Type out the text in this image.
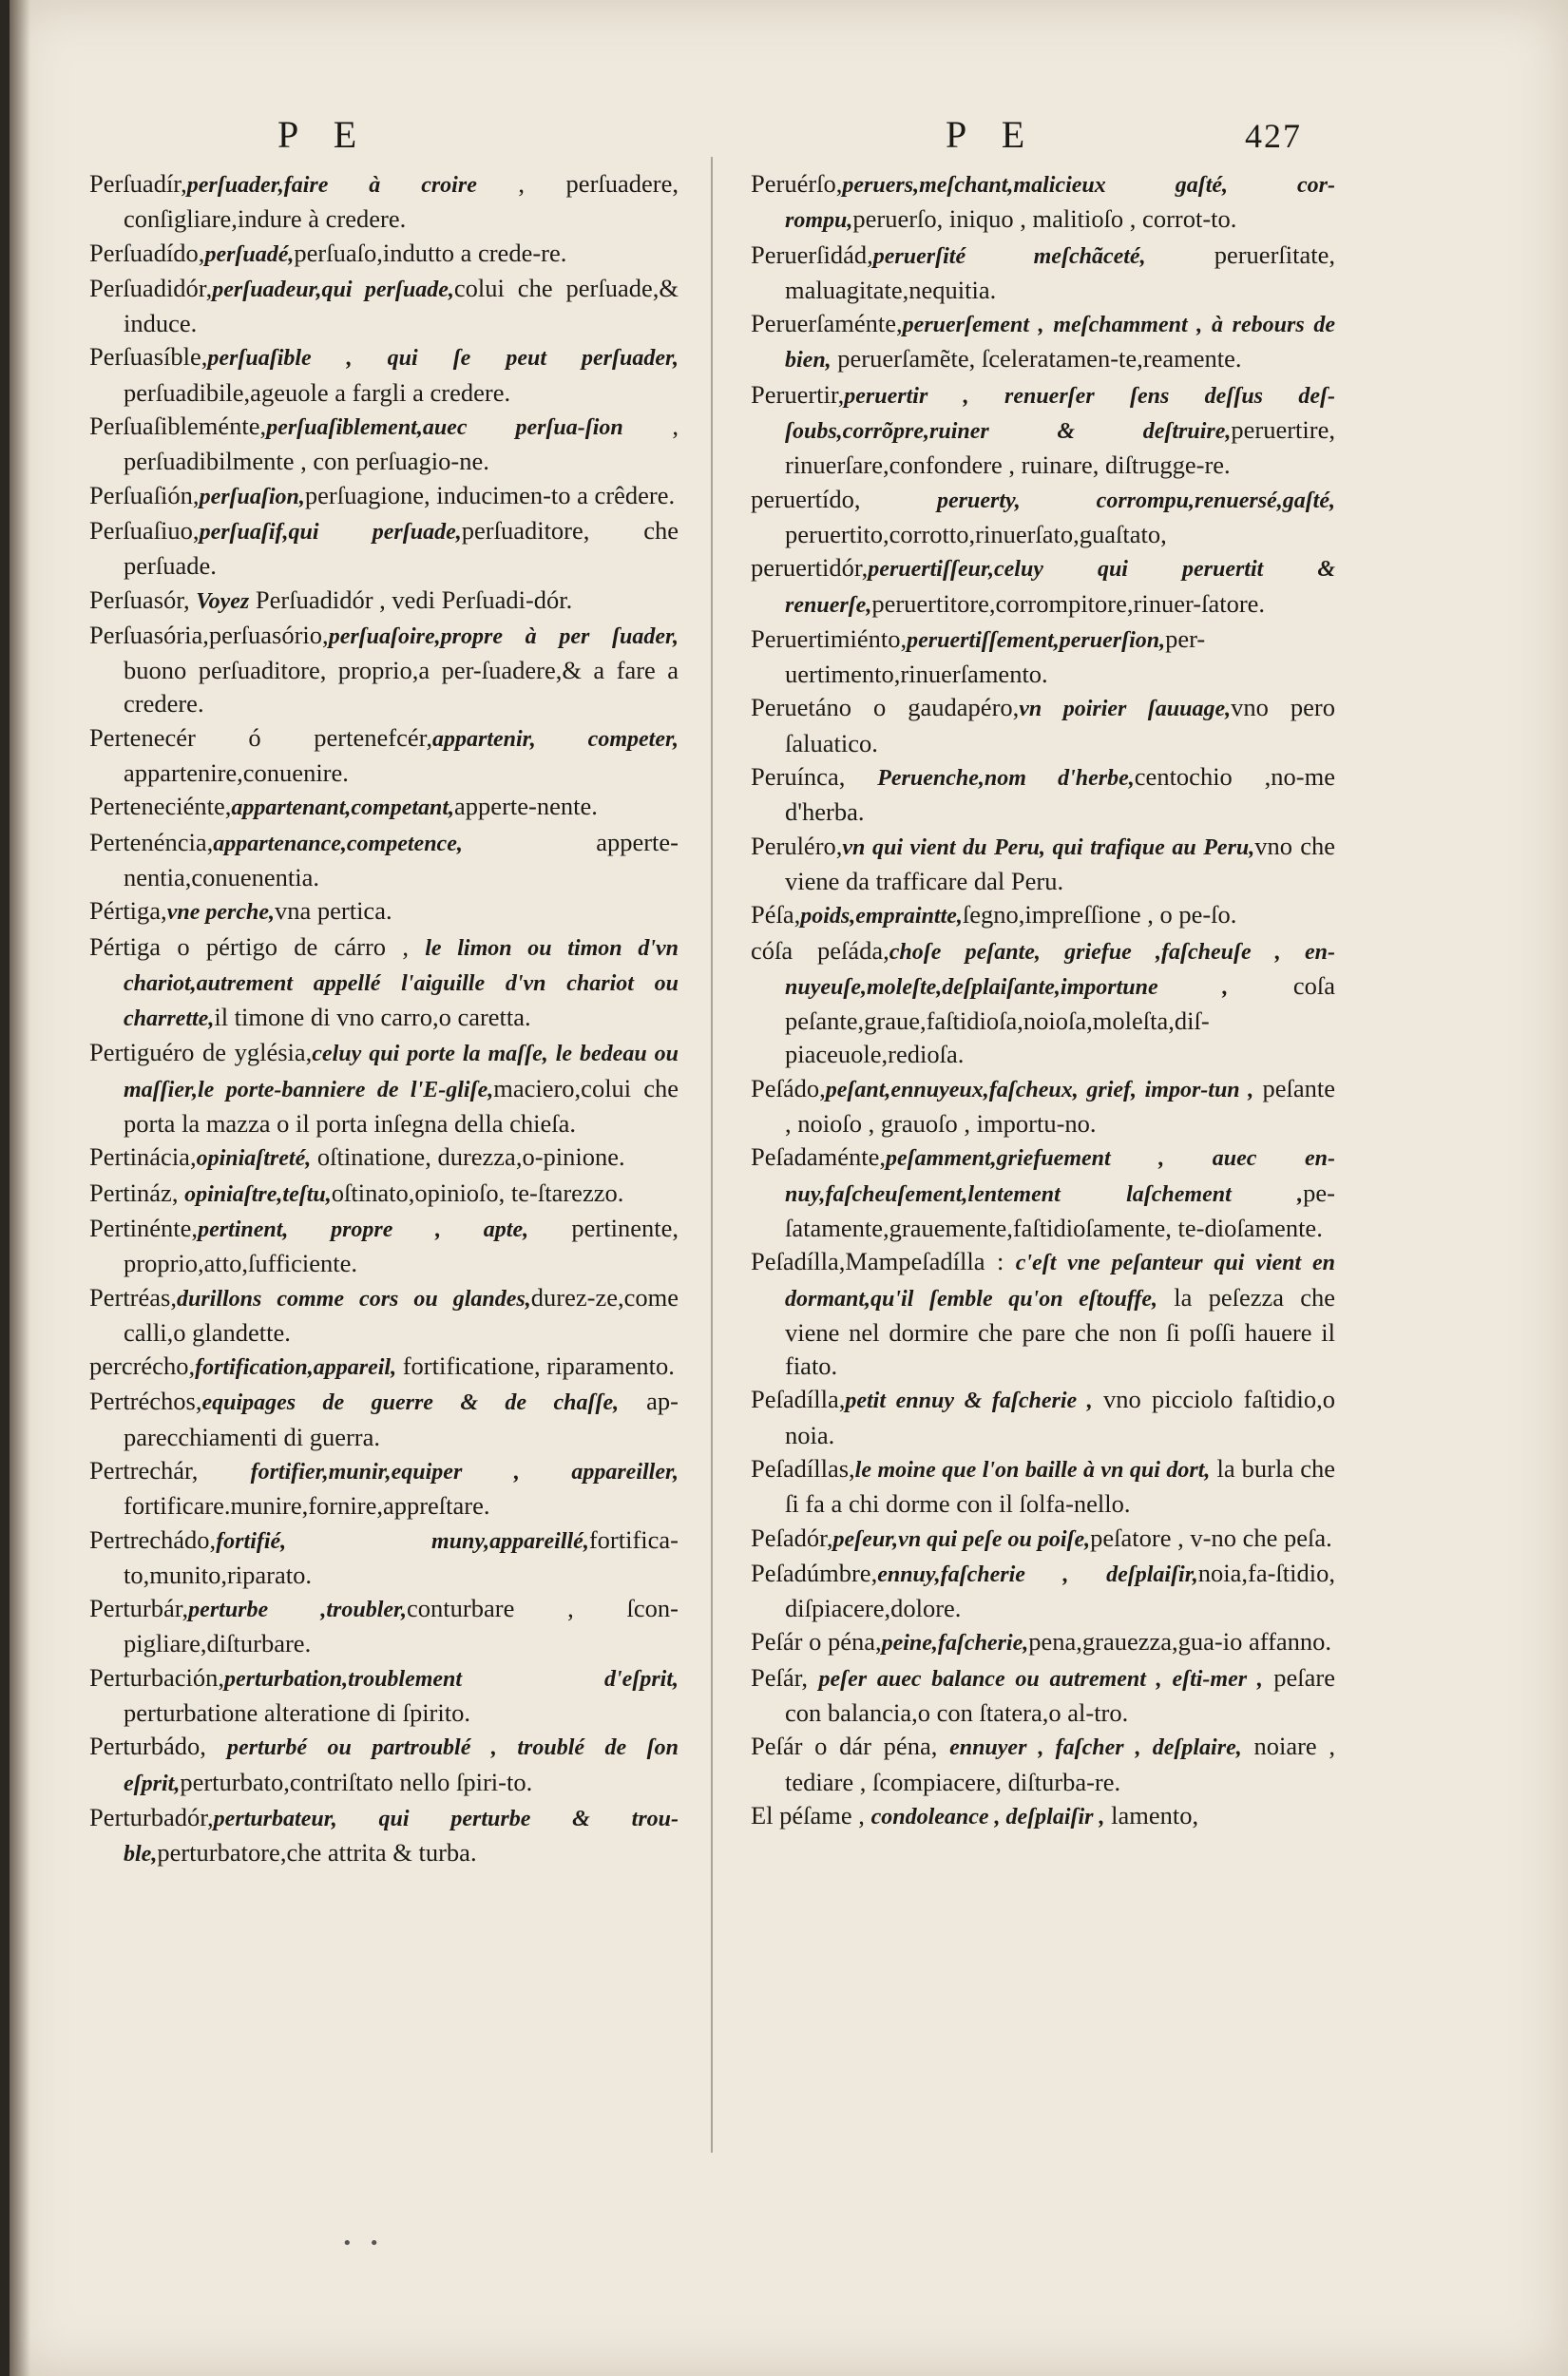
P E	P E	427

Perſuadír,perſuader,faire à croire , perſuadere, conſigliare,indure à credere.

Perſuadído,perſuadé,perſuaſo,indutto a crede-re.

Perſuadidór,perſuadeur,qui perſuade,colui che perſuade,& induce.

Perſuasíble,perſuaſible , qui ſe peut perſuader, perſuadibile,ageuole a fargli a credere.

Perſuaſibleménte,perſuaſiblement,auec perſua-ſion , perſuadibilmente , con perſuagio-ne.

Perſuaſión,perſuaſion,perſuagione, inducimen-to a crêdere.

Perſuaſiuo,perſuaſif,qui perſuade,perſuaditore, che perſuade.

Perſuasór, Voyez Perſuadidór , vedi Perſuadi-dór.

Perſuasória,perſuasório,perſuaſoire,propre à per ſuader, buono perſuaditore, proprio,a per-ſuadere,& a fare a credere.

Pertenecér ó pertenefcér,appartenir, competer, appartenire,conuenire.

Perteneciénte,appartenant,competant,apperte-nente.

Pertenéncia,appartenance,competence, apperte-nentia,conuenentia.

Pértiga,vne perche,vna pertica.

Pértiga o pértigo de cárro , le limon ou timon d'vn chariot,autrement appellé l'aiguille d'vn chariot ou charrette,il timone di vno carro,o caretta.

Pertiguéro de yglésia,celuy qui porte la maſſe, le bedeau ou maſſier,le porte-banniere de l'E-gliſe,maciero,colui che porta la mazza o il porta inſegna della chieſa.

Pertinácia,opiniaſtreté, oſtinatione, durezza,o-pinione.

Pertináz, opiniaſtre,teſtu,oſtinato,opinioſo, te-ſtarezzo.

Pertinénte,pertinent, propre , apte, pertinente, proprio,atto,ſufficiente.

Pertréas,durillons comme cors ou glandes,durez-ze,come calli,o glandette.

percrécho,fortification,appareil, fortificatione, riparamento.

Pertréchos,equipages de guerre & de chaſſe, ap-parecchiamenti di guerra.

Pertrechár, fortifier,munir,equiper , appareiller, fortificare.munire,fornire,appreſtare.

Pertrechádo,fortifié, muny,appareillé,fortifica-to,munito,riparato.

Perturbár,perturbe ,troubler,conturbare , ſcon-pigliare,diſturbare.

Perturbación,perturbation,troublement d'eſprit, perturbatione alteratione di ſpirito.

Perturbádo, perturbé ou partroublé , troublé de ſon eſprit,perturbato,contriſtato nello ſpiri-to.

Perturbadór,perturbateur, qui perturbe & trou-ble,perturbatore,che attrita & turba.

Peruérſo,peruers,meſchant,malicieux gaſté, cor-rompu,peruerſo, iniquo , malitioſo , corrot-to.

Peruerſidád,peruerſité meſchãceté, peruerſitate, maluagitate,nequitia.

Peruerſaménte,peruerſement , meſchamment , à rebours de bien, peruerſamẽte, ſceleratamen-te,reamente.

Peruertir,peruertir , renuerſer ſens deſſus deſ-ſoubs,corrõpre,ruiner & deſtruire,peruertire, rinuerſare,confondere , ruinare, diſtrugge-re.

peruertído, peruerty, corrompu,renuersé,gaſté, peruertito,corrotto,rinuerſato,guaſtato,

peruertidór,peruertiſſeur,celuy qui peruertit & renuerſe,peruertitore,corrompitore,rinuer-ſatore.

Peruertimiénto,peruertiſſement,peruerſion,per-uertimento,rinuerſamento.

Peruetáno o gaudapéro,vn poirier ſauuage,vno pero ſaluatico.

Peruínca, Peruenche,nom d'herbe,centochio ,no-me d'herba.

Peruléro,vn qui vient du Peru, qui trafique au Peru,vno che viene da trafficare dal Peru.

Péſa,poids,empraintte,ſegno,impreſſione , o pe-ſo.

cóſa peſáda,choſe peſante, griefue ,faſcheuſe , en-nuyeuſe,moleſte,deſplaiſante,importune , coſa peſante,graue,faſtidioſa,noioſa,moleſta,diſ-piaceuole,redioſa.

Peſádo,peſant,ennuyeux,faſcheux, grief, impor-tun , peſante , noioſo , grauoſo , importu-no.

Peſadaménte,peſamment,griefuement , auec en-nuy,faſcheuſement,lentement laſchement ,pe-ſatamente,grauemente,faſtidioſamente, te-dioſamente.

Peſadílla,Mampeſadílla : c'eſt vne peſanteur qui vient en dormant,qu'il ſemble qu'on eſtouffe, la peſezza che viene nel dormire che pare che non ſi poſſi hauere il fiato.

Peſadílla,petit ennuy & faſcherie , vno picciolo faſtidio,o noia.

Peſadíllas,le moine que l'on baille à vn qui dort, la burla che ſi fa a chi dorme con il ſolfa-nello.

Peſadór,peſeur,vn qui peſe ou poiſe,peſatore , v-no che peſa.

Peſadúmbre,ennuy,faſcherie , deſplaiſir,noia,fa-ſtidio, diſpiacere,dolore.

Peſár o péna,peine,faſcherie,pena,grauezza,gua-io affanno.

Peſár, peſer auec balance ou autrement , eſti-mer , peſare con balancia,o con ſtatera,o al-tro.

Peſár o dár péna, ennuyer , faſcher , deſplaire, noiare , tediare , ſcompiacere, diſturba-re.

El péſame , condoleance , deſplaiſir , lamento,

• •
